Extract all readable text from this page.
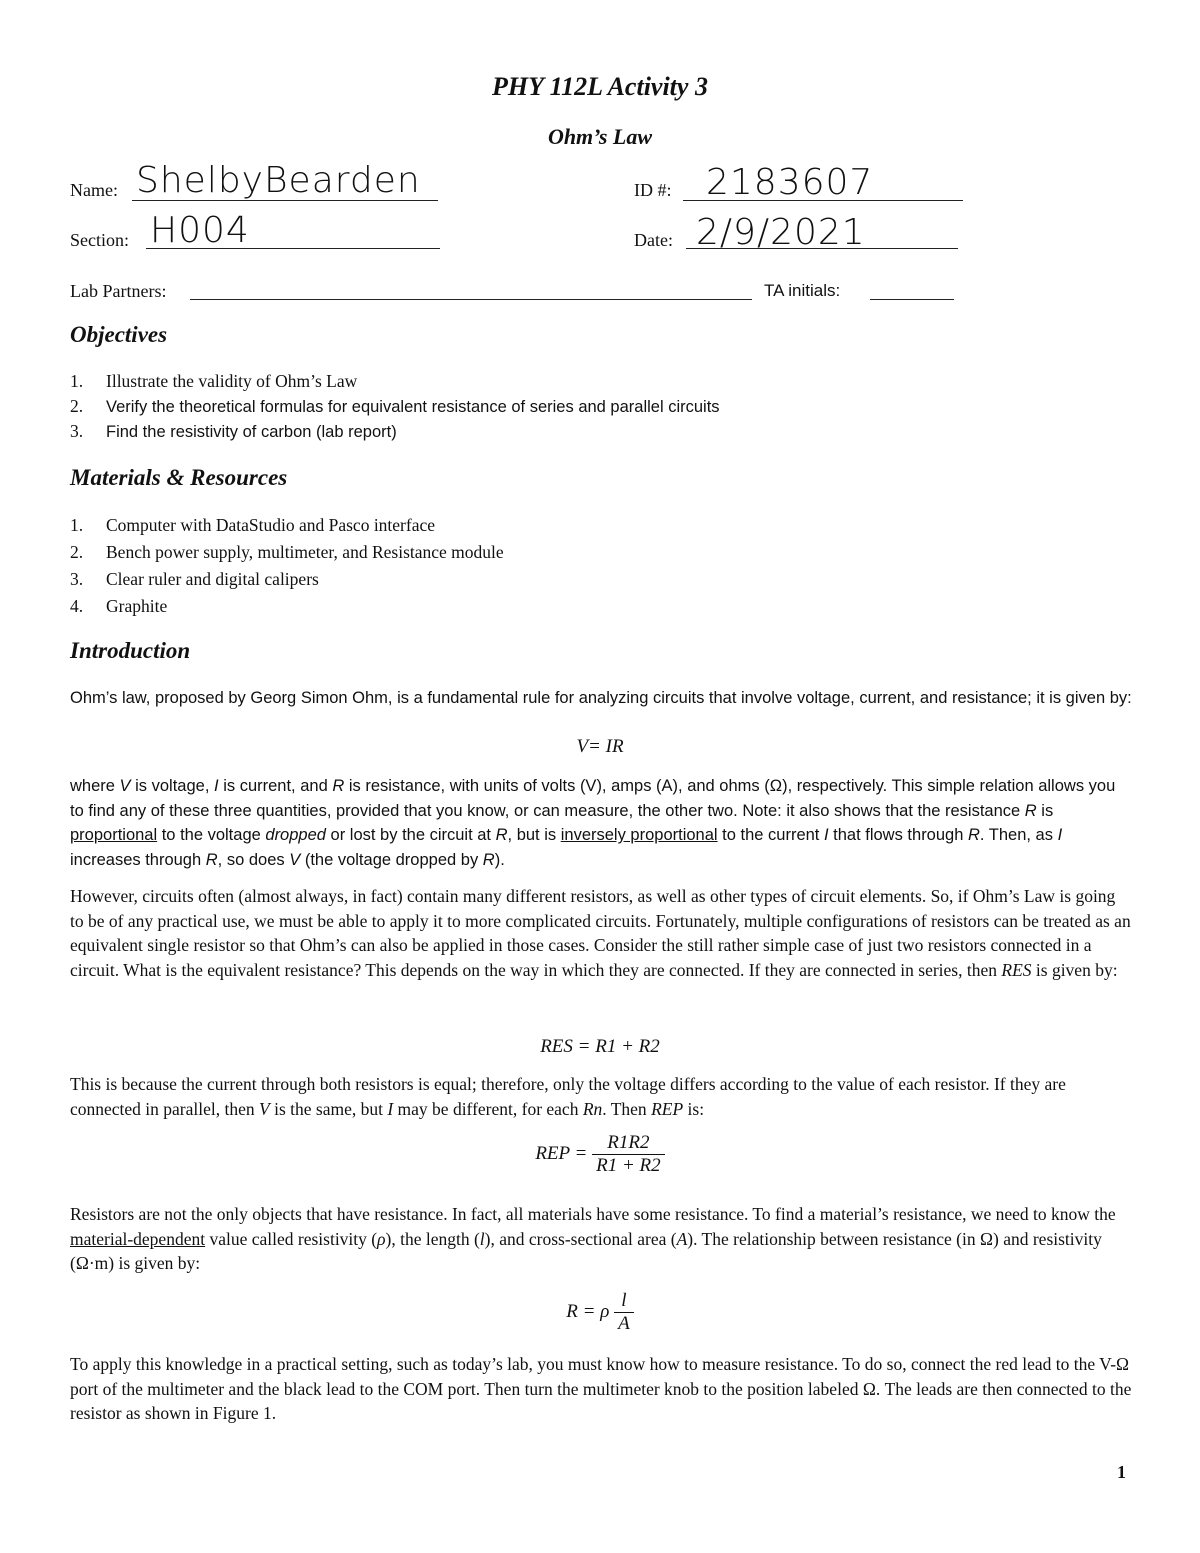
PHY 112L Activity 3
Ohm’s Law
Name: ShelbyBearden	ID #: 2183607
Section: H004	Date: 2/9/2021
Lab Partners:	TA initials:
Objectives
1. Illustrate the validity of Ohm’s Law
2. Verify the theoretical formulas for equivalent resistance of series and parallel circuits
3. Find the resistivity of carbon (lab report)
Materials & Resources
1. Computer with DataStudio and Pasco interface
2. Bench power supply, multimeter, and Resistance module
3. Clear ruler and digital calipers
4. Graphite
Introduction

Ohm’s law, proposed by Georg Simon Ohm, is a fundamental rule for analyzing circuits that involve voltage, current, and resistance; it is given by:

V= IR

where V is voltage, I is current, and R is resistance, with units of volts (V), amps (A), and ohms (Ω), respectively. This simple relation allows you to find any of these three quantities, provided that you know, or can measure, the other two. Note: it also shows that the resistance R is proportional to the voltage dropped or lost by the circuit at R, but is inversely proportional to the current I that flows through R. Then, as I increases through R, so does V (the voltage dropped by R).

However, circuits often (almost always, in fact) contain many different resistors, as well as other types of circuit elements. So, if Ohm’s Law is going to be of any practical use, we must be able to apply it to more complicated circuits. Fortunately, multiple configurations of resistors can be treated as an equivalent single resistor so that Ohm’s can also be applied in those cases. Consider the still rather simple case of just two resistors connected in a circuit. What is the equivalent resistance? This depends on the way in which they are connected. If they are connected in series, then RES is given by:

RES = R1 + R2

This is because the current through both resistors is equal; therefore, only the voltage differs according to the value of each resistor. If they are connected in parallel, then V is the same, but I may be different, for each Rn. Then REP is:

REP = $\frac{R1R2}{R1 + R2}$

Resistors are not the only objects that have resistance. In fact, all materials have some resistance. To find a material’s resistance, we need to know the material-dependent value called resistivity (ρ), the length (l), and cross-sectional area (A). The relationship between resistance (in Ω) and resistivity (Ω·m) is given by:

R = ρ $\frac{l}{A}$

To apply this knowledge in a practical setting, such as today’s lab, you must know how to measure resistance. To do so, connect the red lead to the V-Ω port of the multimeter and the black lead to the COM port. Then turn the multimeter knob to the position labeled Ω. The leads are then connected to the resistor as shown in Figure 1.

1
